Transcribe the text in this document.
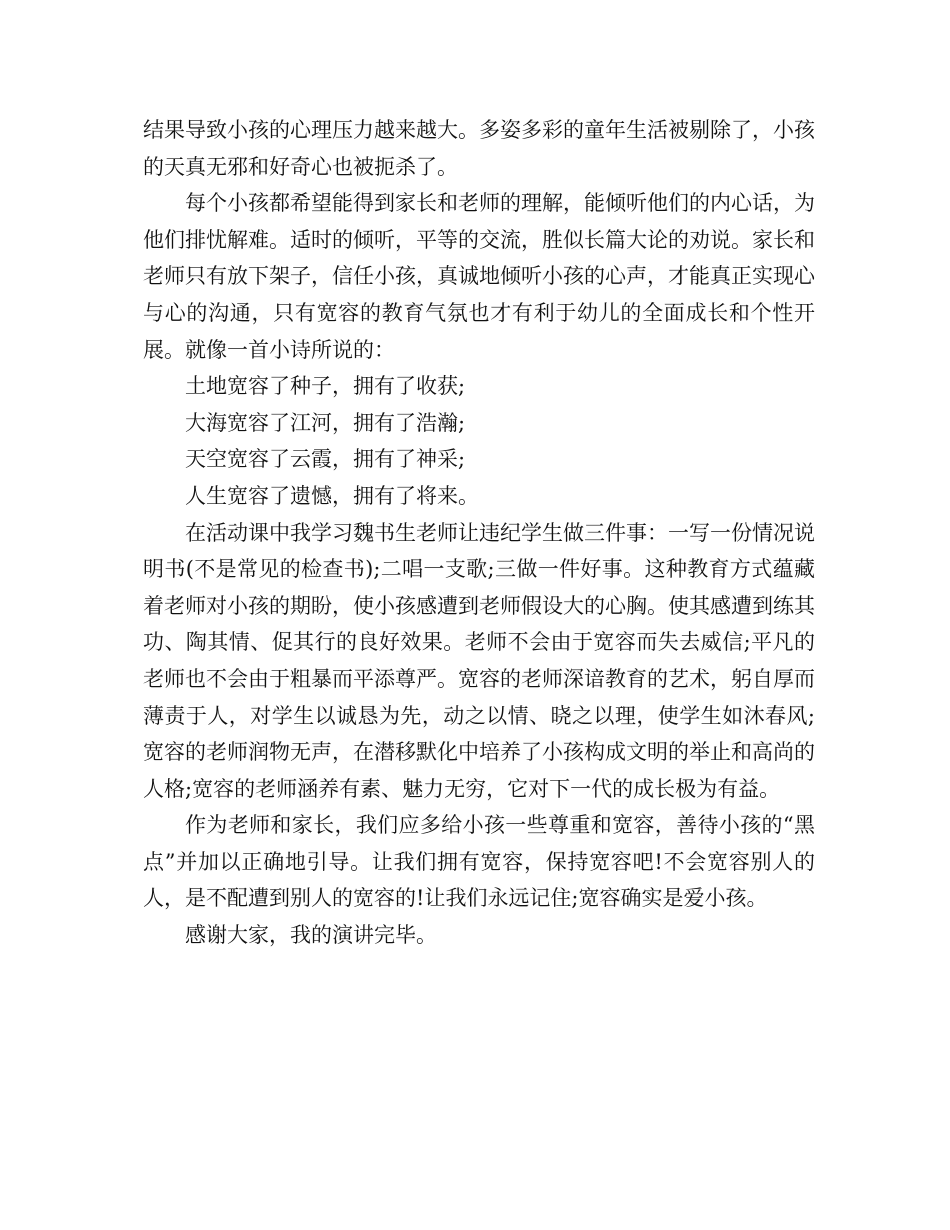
结果导致小孩的心理压力越来越大。多姿多彩的童年生活被剔除了，小孩的天真无邪和好奇心也被扼杀了。

每个小孩都希望能得到家长和老师的理解，能倾听他们的内心话，为他们排忧解难。适时的倾听，平等的交流，胜似长篇大论的劝说。家长和老师只有放下架子，信任小孩，真诚地倾听小孩的心声，才能真正实现心与心的沟通，只有宽容的教育气氛也才有利于幼儿的全面成长和个性开展。就像一首小诗所说的：

土地宽容了种子，拥有了收获;

大海宽容了江河，拥有了浩瀚;

天空宽容了云霞，拥有了神采;

人生宽容了遗憾，拥有了将来。

在活动课中我学习魏书生老师让违纪学生做三件事：一写一份情况说明书(不是常见的检查书);二唱一支歌;三做一件好事。这种教育方式蕴藏着老师对小孩的期盼，使小孩感遭到老师假设大的心胸。使其感遭到练其功、陶其情、促其行的良好效果。老师不会由于宽容而失去威信;平凡的老师也不会由于粗暴而平添尊严。宽容的老师深谙教育的艺术，躬自厚而薄责于人，对学生以诚恳为先，动之以情、晓之以理，使学生如沐春风;宽容的老师润物无声，在潜移默化中培养了小孩构成文明的举止和高尚的人格;宽容的老师涵养有素、魅力无穷，它对下一代的成长极为有益。

作为老师和家长，我们应多给小孩一些尊重和宽容，善待小孩的“黑点”并加以正确地引导。让我们拥有宽容，保持宽容吧!不会宽容别人的人，是不配遭到别人的宽容的!让我们永远记住;宽容确实是爱小孩。

感谢大家，我的演讲完毕。
